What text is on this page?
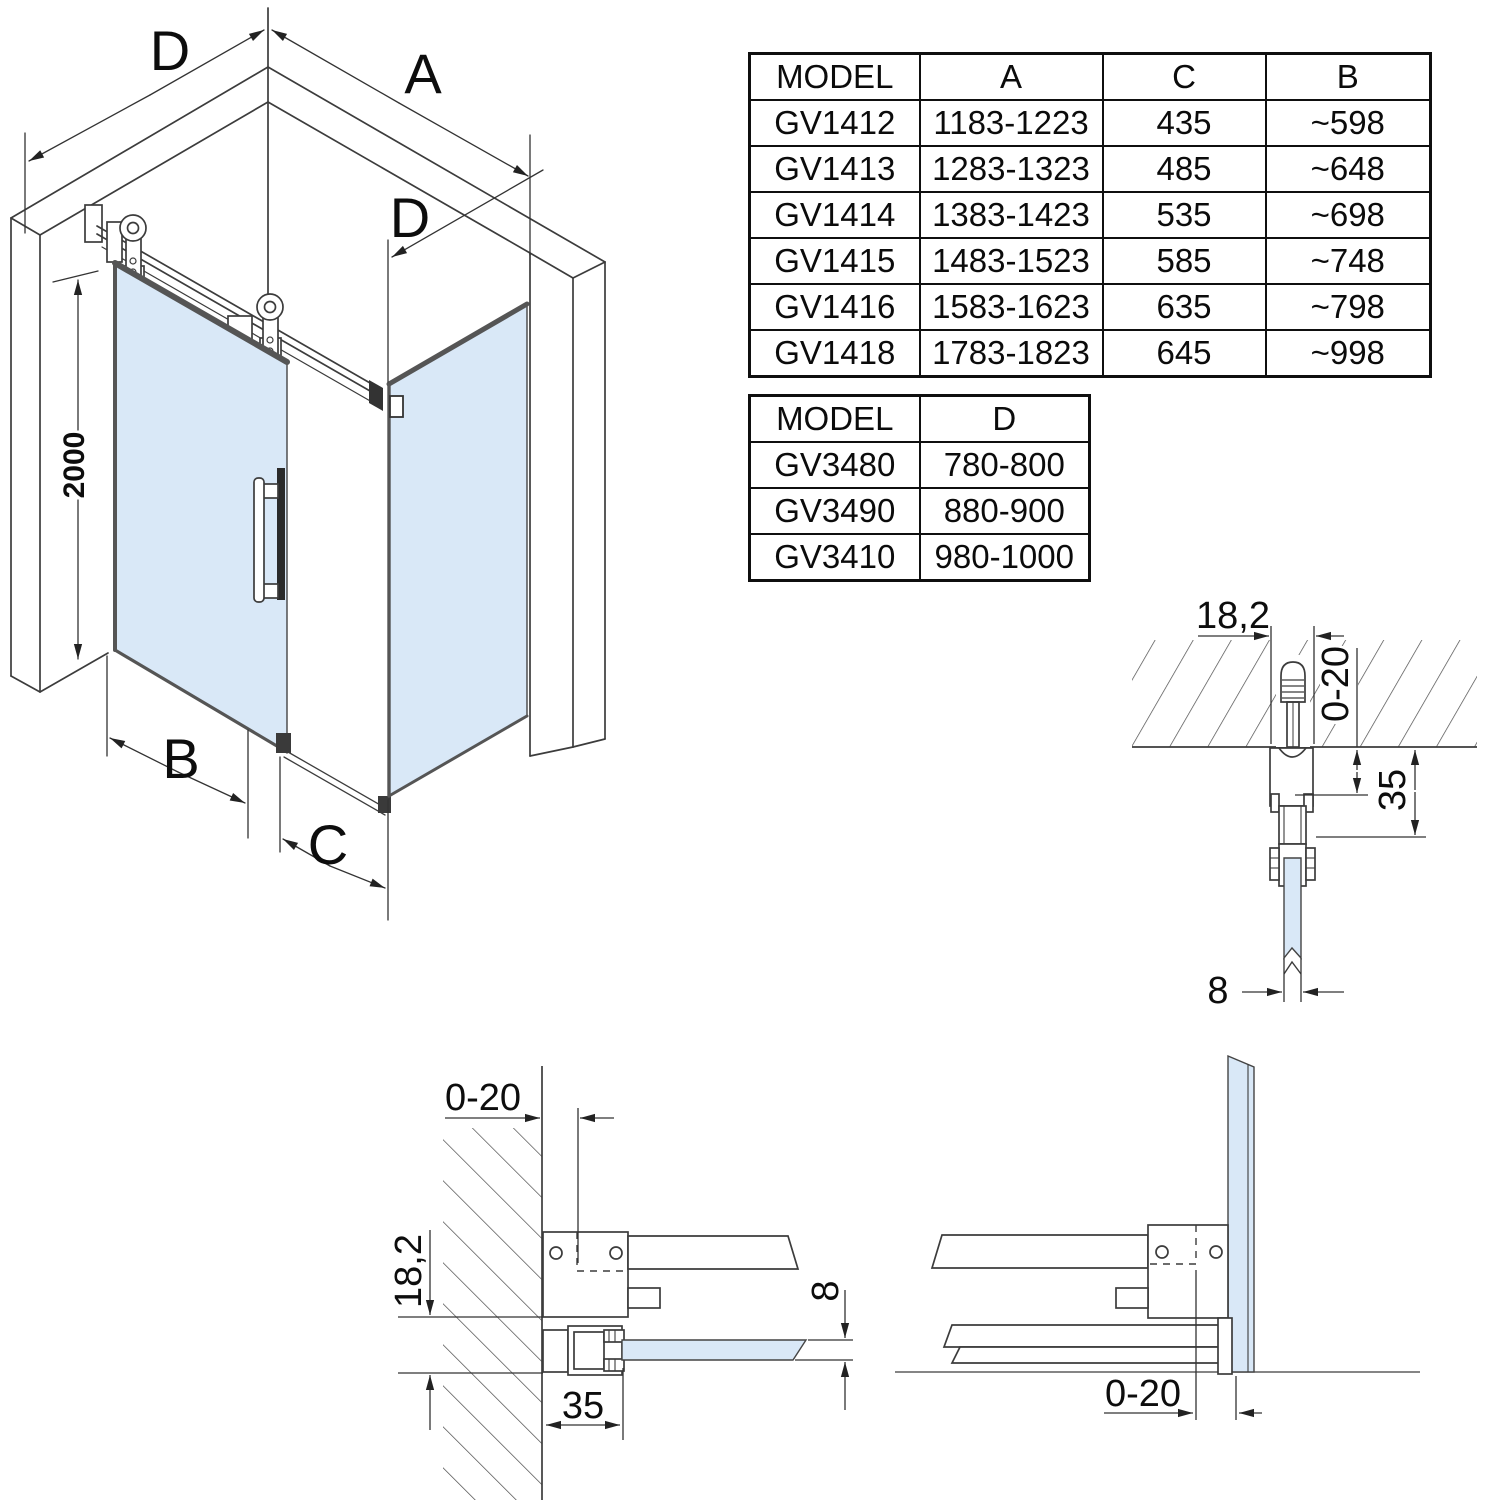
D	A
D
2000
B
C
18,2
0-20
35
8
0-20
18,2
35
8
0-20
MODEL	A	C	B
GV1412	1183-1223	435	~598
GV1413	1283-1323	485	~648
GV1414	1383-1423	535	~698
GV1415	1483-1523	585	~748
GV1416	1583-1623	635	~798
GV1418	1783-1823	645	~998
MODEL	D
GV3480	780-800
GV3490	880-900
GV3410	980-1000
